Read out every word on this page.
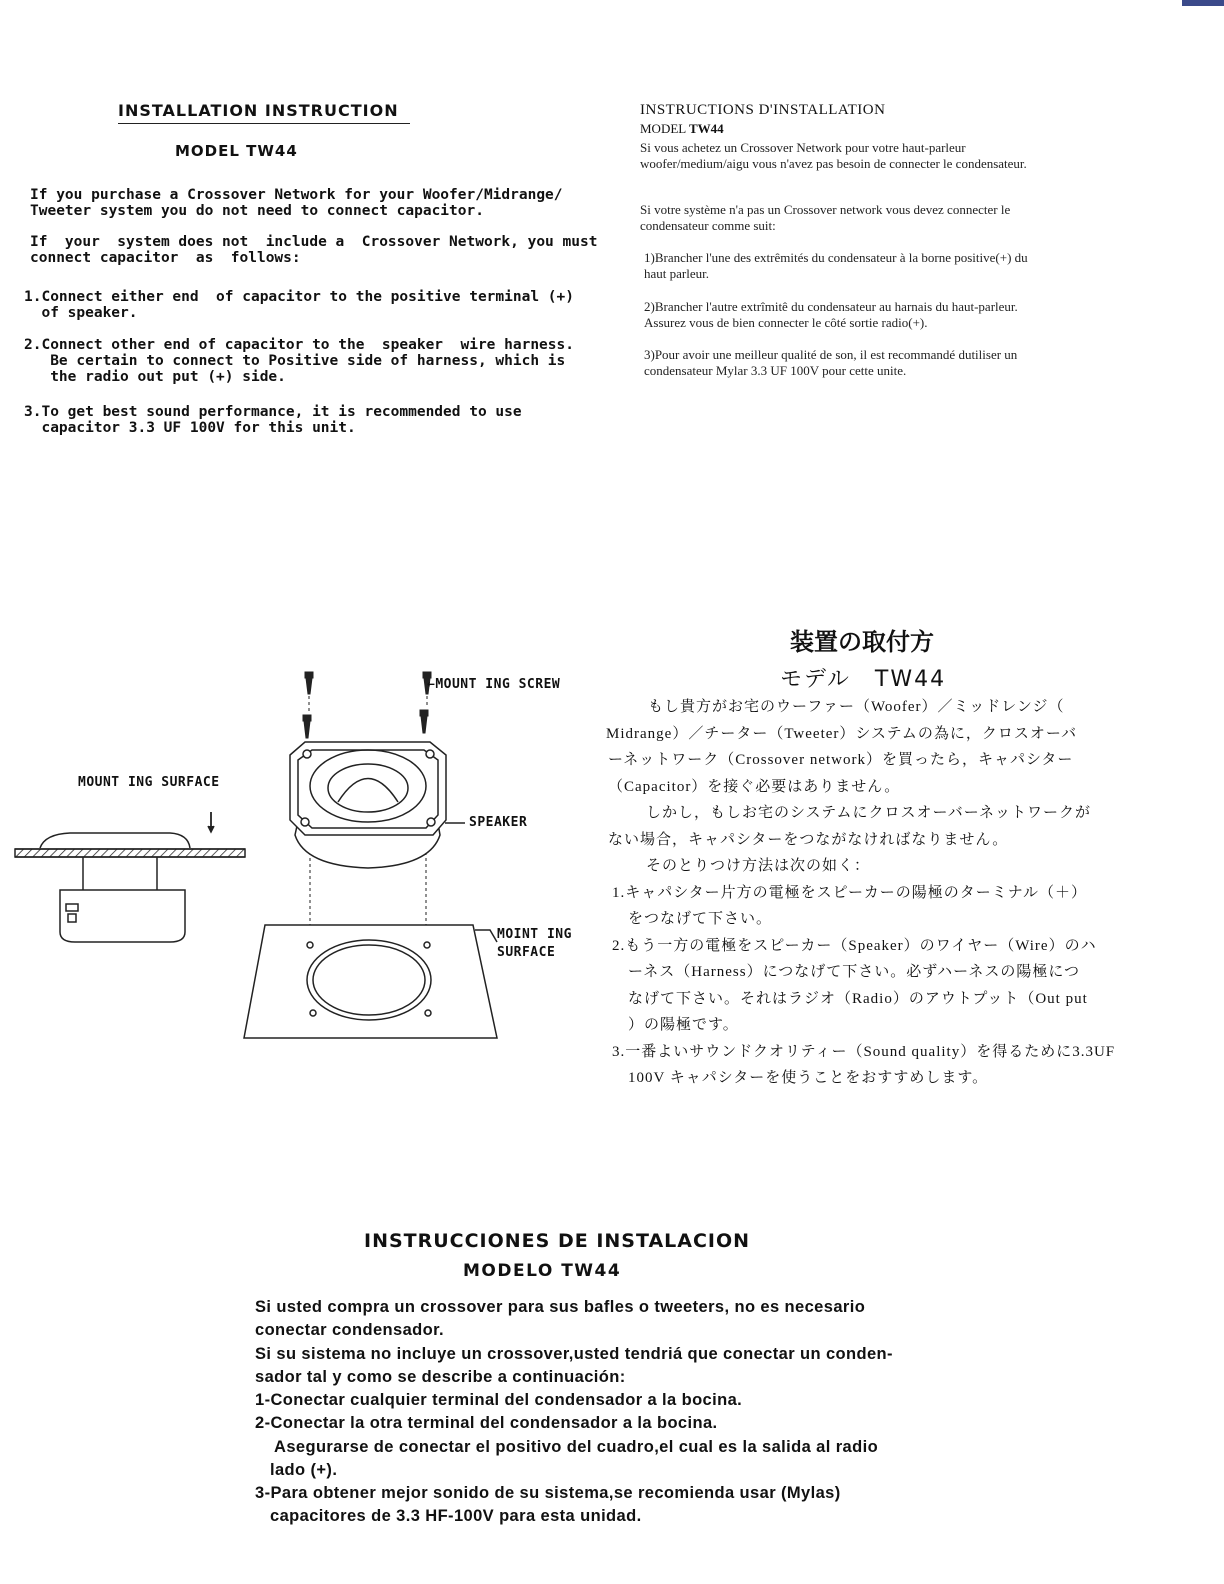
INSTALLATION INSTRUCTION
MODEL TW44
If you purchase a Crossover Network for your Woofer/Midrange/
Tweeter system you do not need to connect capacitor.
If  your  system does not  include a  Crossover Network, you must
connect capacitor  as  follows:
1.Connect either end  of capacitor to the positive terminal (+)
of speaker.
2.Connect other end of capacitor to the  speaker  wire harness.
Be certain to connect to Positive side of harness, which is
the radio out put (+) side.
3.To get best sound performance, it is recommended to use
capacitor 3.3 UF 100V for this unit.
INSTRUCTIONS D'INSTALLATION
MODEL TW44
Si vous achetez un Crossover Network pour votre haut-parleur
woofer/medium/aigu vous n'avez pas besoin de connecter le condensateur.
Si votre système n'a pas un Crossover network vous devez connecter le
condensateur comme suit:
1)Brancher l'une des extrêmités du condensateur à la borne positive(+) du
haut parleur.
2)Brancher l'autre extrîmitê du condensateur au harnais du haut-parleur.
Assurez vous de bien connecter le côté sortie radio(+).
3)Pour avoir une meilleur qualité de son, il est recommandé dutiliser un
condensateur Mylar 3.3 UF 100V pour cette unite.
MOUNT ING SURFACE
←MOUNT ING SCREW
SPEAKER
MOINT ING
SURFACE
装置の取付方
モデル　TW44
もし貴方がお宅のウーファー（Woofer）／ミッドレンジ（
Midrange）／チーター（Tweeter）システムの為に，クロスオーバ
ーネットワーク（Crossover network）を買ったら，キャパシター
（Capacitor）を接ぐ必要はありません。
しかし，もしお宅のシステムにクロスオーバーネットワークが
ない場合，キャパシターをつながなければなりません。
そのとりつけ方法は次の如く：
1.キャパシター片方の電極をスピーカーの陽極のターミナル（＋）
をつなげて下さい。
2.もう一方の電極をスピーカー（Speaker）のワイヤー（Wire）のハ
ーネス（Harness）につなげて下さい。必ずハーネスの陽極につ
なげて下さい。それはラジオ（Radio）のアウトプット（Out put
）の陽極です。
3.一番よいサウンドクオリティー（Sound quality）を得るために3.3UF
100V キャパシターを使うことをおすすめします。
INSTRUCCIONES DE INSTALACION
MODELO TW44
Si usted compra un crossover para sus bafles o tweeters, no es necesario
conectar condensador.
Si su sistema no incluye un crossover,usted tendriá que conectar un conden-
sador tal y como se describe a continuación:
1-Conectar cualquier terminal del condensador a la bocina.
2-Conectar la otra terminal del condensador a la bocina.
Asegurarse de conectar el positivo del cuadro,el cual es la salida al radio
lado (+).
3-Para obtener mejor sonido de su sistema,se recomienda usar (Mylas)
capacitores de 3.3 HF-100V para esta unidad.
